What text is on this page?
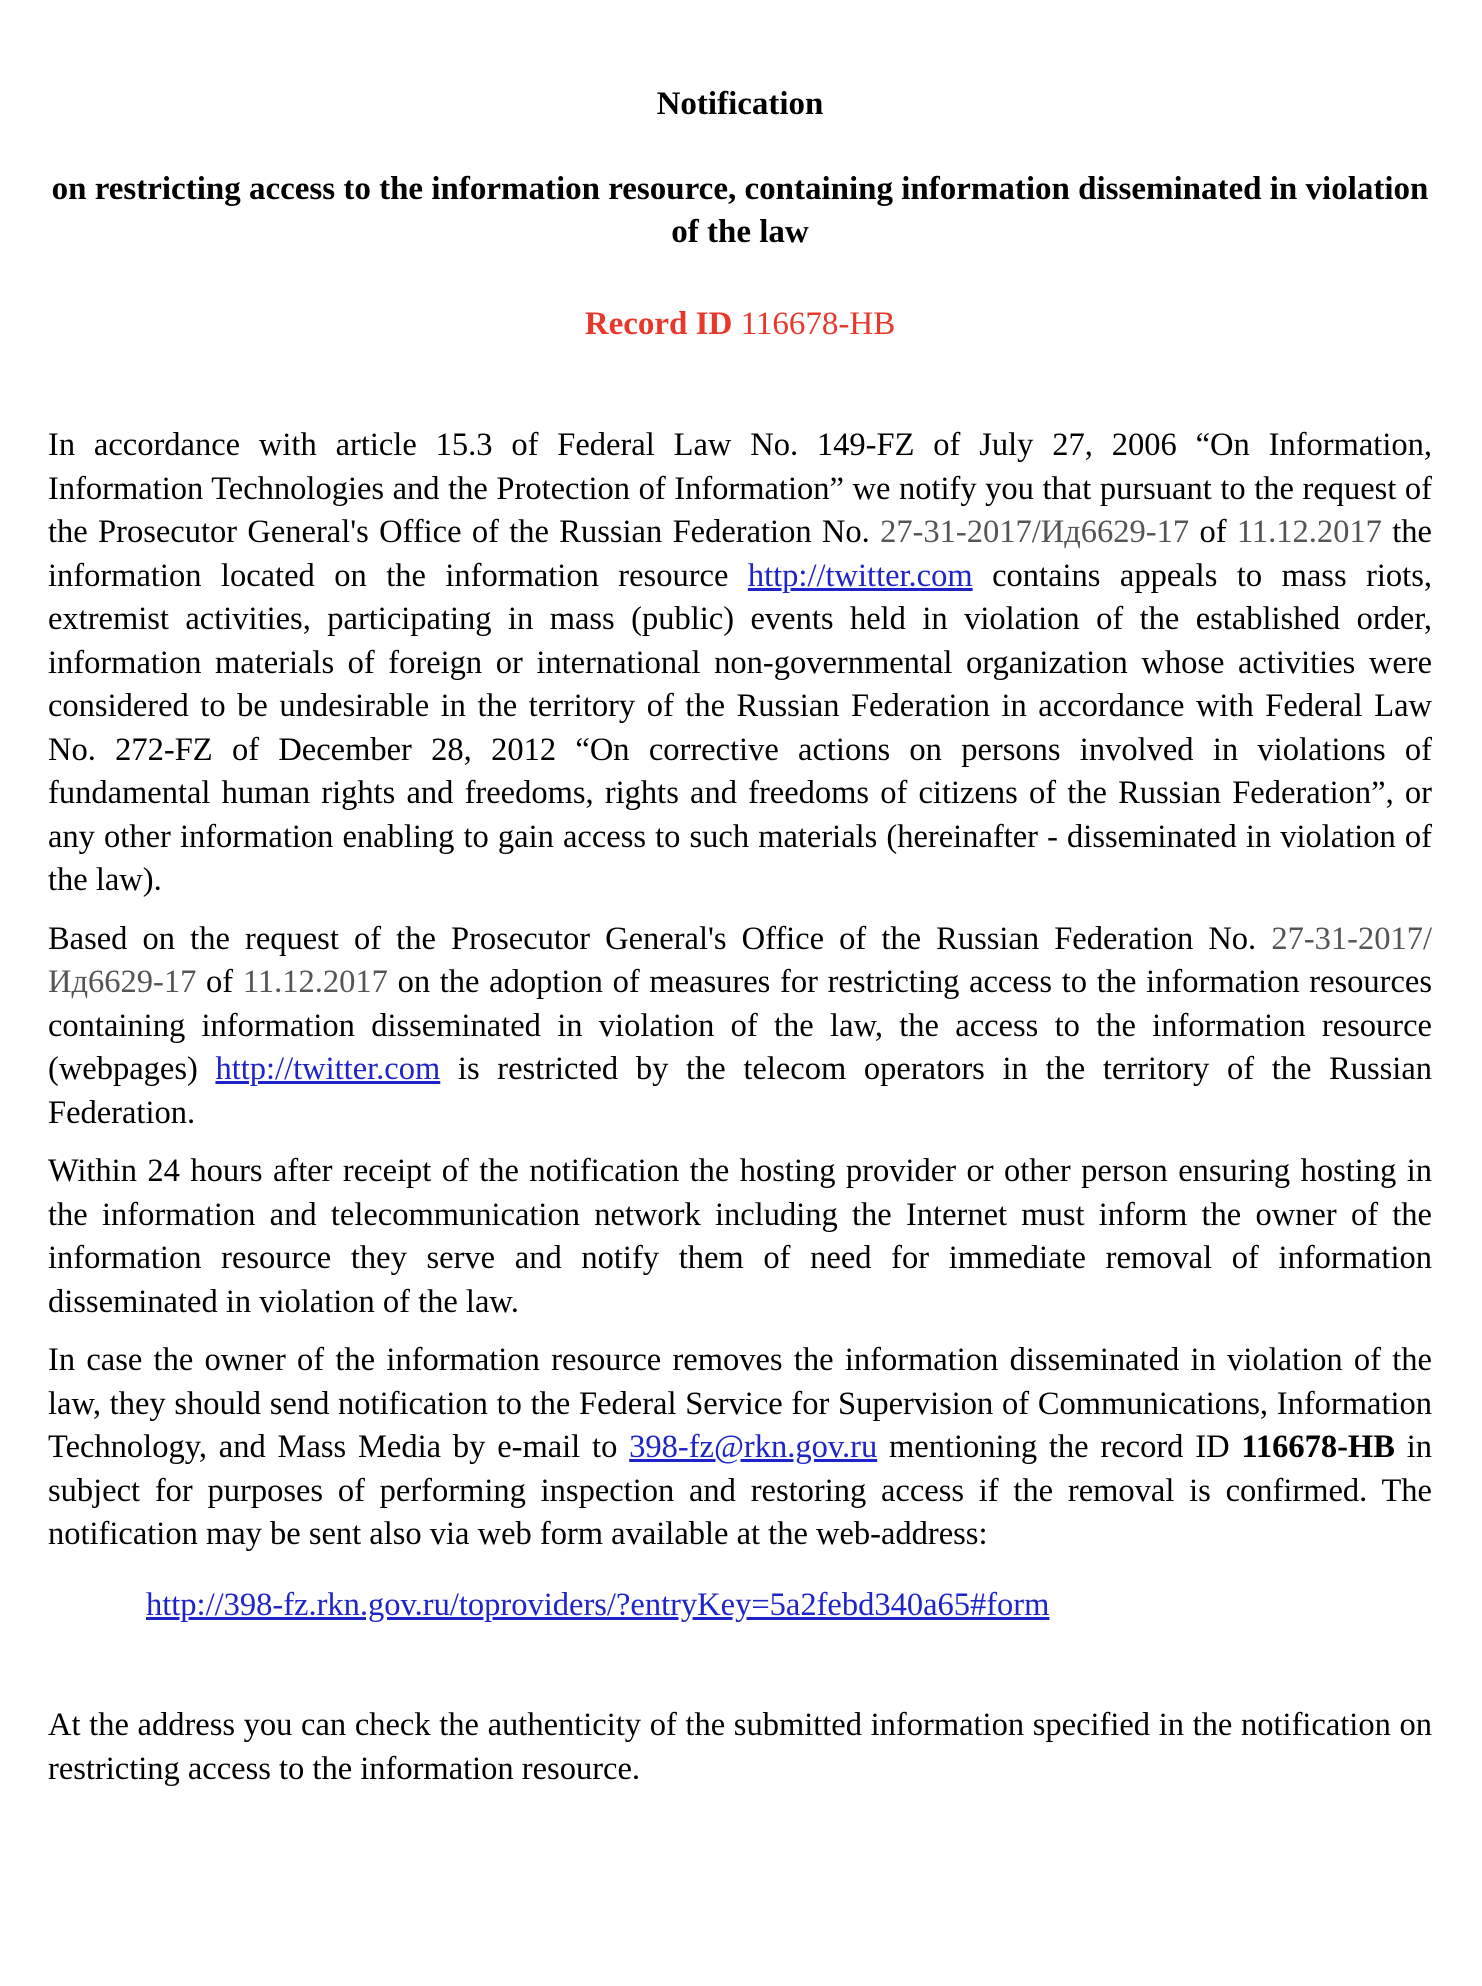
Notification
on restricting access to the information resource, containing information disseminated in violation of the law
Record ID 116678-HB

In accordance with article 15.3 of Federal Law No. 149-FZ of July 27, 2006 “On Information, Information Technologies and the Protection of Information” we notify you that pursuant to the request of the Prosecutor General's Office of the Russian Federation No. 27-31-2017/Ид6629-17 of 11.12.2017 the information located on the information resource http://twitter.com contains appeals to mass riots, extremist activities, participating in mass (public) events held in violation of the established order, information materials of foreign or international non-governmental organization whose activities were considered to be undesirable in the territory of the Russian Federation in accordance with Federal Law No. 272-FZ of December 28, 2012 “On corrective actions on persons involved in violations of fundamental human rights and freedoms, rights and freedoms of citizens of the Russian Federation”, or any other information enabling to gain access to such materials (hereinafter - disseminated in violation of the law).

Based on the request of the Prosecutor General's Office of the Russian Federation No. 27-31-2017/Ид6629-17 of 11.12.2017 on the adoption of measures for restricting access to the information resources containing information disseminated in violation of the law, the access to the information resource (webpages) http://twitter.com is restricted by the telecom operators in the territory of the Russian Federation.

Within 24 hours after receipt of the notification the hosting provider or other person ensuring hosting in the information and telecommunication network including the Internet must inform the owner of the information resource they serve and notify them of need for immediate removal of information disseminated in violation of the law.

In case the owner of the information resource removes the information disseminated in violation of the law, they should send notification to the Federal Service for Supervision of Communications, Information Technology, and Mass Media by e-mail to 398-fz@rkn.gov.ru mentioning the record ID 116678-HB in subject for purposes of performing inspection and restoring access if the removal is confirmed. The notification may be sent also via web form available at the web-address:

http://398-fz.rkn.gov.ru/toproviders/?entryKey=5a2febd340a65#form

At the address you can check the authenticity of the submitted information specified in the notification on restricting access to the information resource.
